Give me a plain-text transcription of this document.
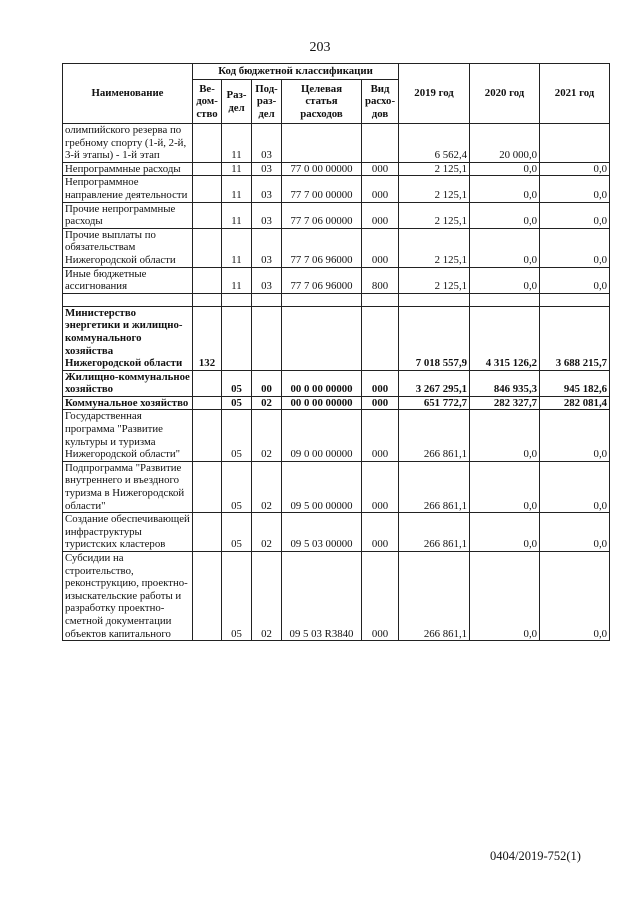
203
Наименование	Код бюджетной классификации					2019 год	2020 год	2021 год
	Ве-дом-ство	Раз-дел	Под-раз-дел	Целевая статья расходов	Вид расхо-дов			
олимпийского резерва по гребному спорту (1-й, 2-й, 3-й этапы) - 1-й этап		11	03			6 562,4	20 000,0	
Непрограммные расходы		11	03	77 0 00 00000	000	2 125,1	0,0	0,0
Непрограммное направление деятельности		11	03	77 7 00 00000	000	2 125,1	0,0	0,0
Прочие непрограммные расходы		11	03	77 7 06 00000	000	2 125,1	0,0	0,0
Прочие выплаты по обязательствам Нижегородской области		11	03	77 7 06 96000	000	2 125,1	0,0	0,0
Иные бюджетные ассигнования		11	03	77 7 06 96000	800	2 125,1	0,0	0,0

Министерство энергетики и жилищно-коммунального хозяйства Нижегородской области	132					7 018 557,9	4 315 126,2	3 688 215,7
Жилищно-коммунальное хозяйство		05	00	00 0 00 00000	000	3 267 295,1	846 935,3	945 182,6
Коммунальное хозяйство		05	02	00 0 00 00000	000	651 772,7	282 327,7	282 081,4
Государственная программа "Развитие культуры и туризма Нижегородской области"		05	02	09 0 00 00000	000	266 861,1	0,0	0,0
Подпрограмма "Развитие внутреннего и въездного туризма в Нижегородской области"		05	02	09 5 00 00000	000	266 861,1	0,0	0,0
Создание обеспечивающей инфраструктуры туристских кластеров		05	02	09 5 03 00000	000	266 861,1	0,0	0,0
Субсидии на строительство, реконструкцию, проектно-изыскательские работы и разработку проектно-сметной документации объектов капитального		05	02	09 5 03 R3840	000	266 861,1	0,0	0,0
0404/2019-752(1)
